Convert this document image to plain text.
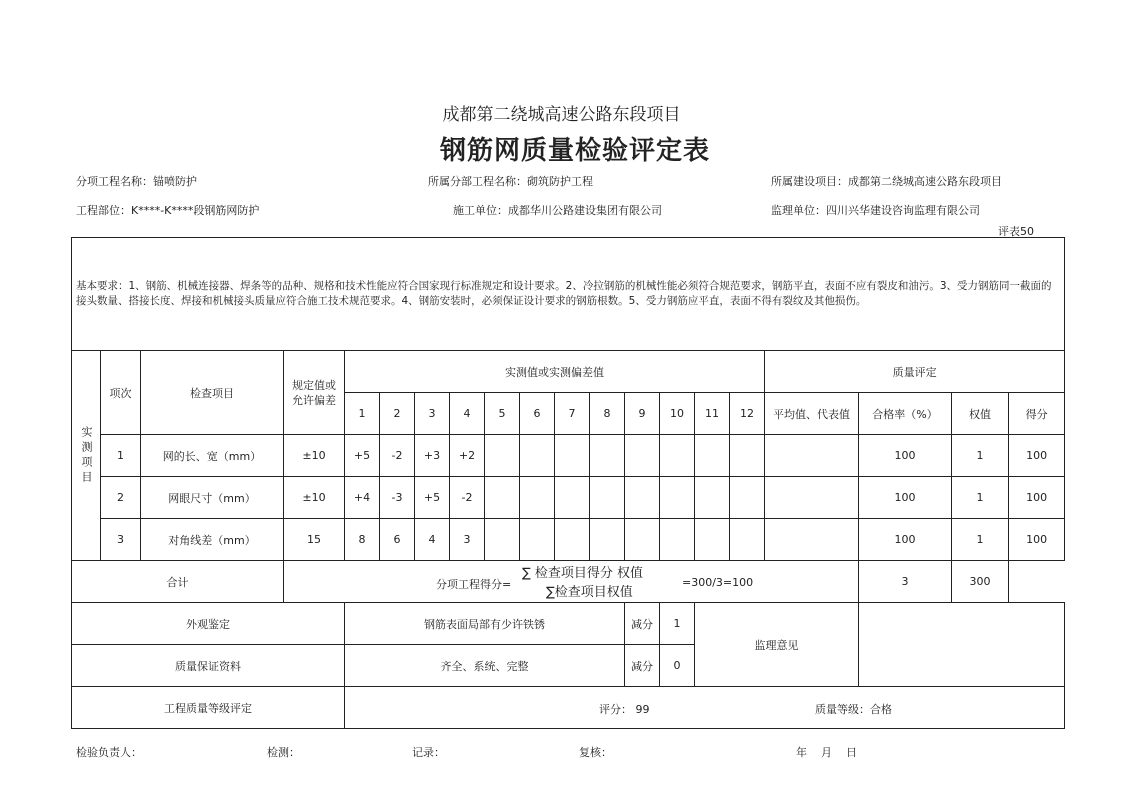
成都第二绕城高速公路东段项目
钢筋网质量检验评定表
分项工程名称：锚喷防护	所属分部工程名称：砌筑防护工程	所属建设项目：成都第二绕城高速公路东段项目
工程部位：K****-K****段钢筋网防护	施工单位：成都华川公路建设集团有限公司	监理单位：四川兴华建设咨询监理有限公司
评表50
基本要求：1、钢筋、机械连接器、焊条等的品种、规格和技术性能应符合国家现行标准规定和设计要求。2、冷拉钢筋的机械性能必须符合规范要求，钢筋平直，表面不应有裂皮和油污。3、受力钢筋同一截面的接头数量、搭接长度、焊接和机械接头质量应符合施工技术规范要求。4、钢筋安装时，必须保证设计要求的钢筋根数。5、受力钢筋应平直，表面不得有裂纹及其他损伤。																			

实测项目	项次	检查项目	规定值或允许偏差	实测值或实测偏差值												质量评定			
				1	2	3	4	5	6	7	8	9	10	11	12	平均值、代表值	合格率（%）	权值	得分
	1	网的长、宽（mm）	±10	+5	-2	+3	+2										100	1	100
	2	网眼尺寸（mm）	±10	+4	-3	+5	-2										100	1	100
	3	对角线差（mm）	15	8	6	4	3										100	1	100
合计			分项工程得分=
∑ 检查项目得分 权值
∑检查项目权值
=300/3=100														3	300	
外观鉴定				钢筋表面局部有少许铁锈								减分	1	监理意见					
质量保证资料				齐全、系统、完整								减分	0						
工程质量等级评定				评分： 99 质量等级：合格															
检验负责人：	检测：	记录：	复核：	年    月    日
